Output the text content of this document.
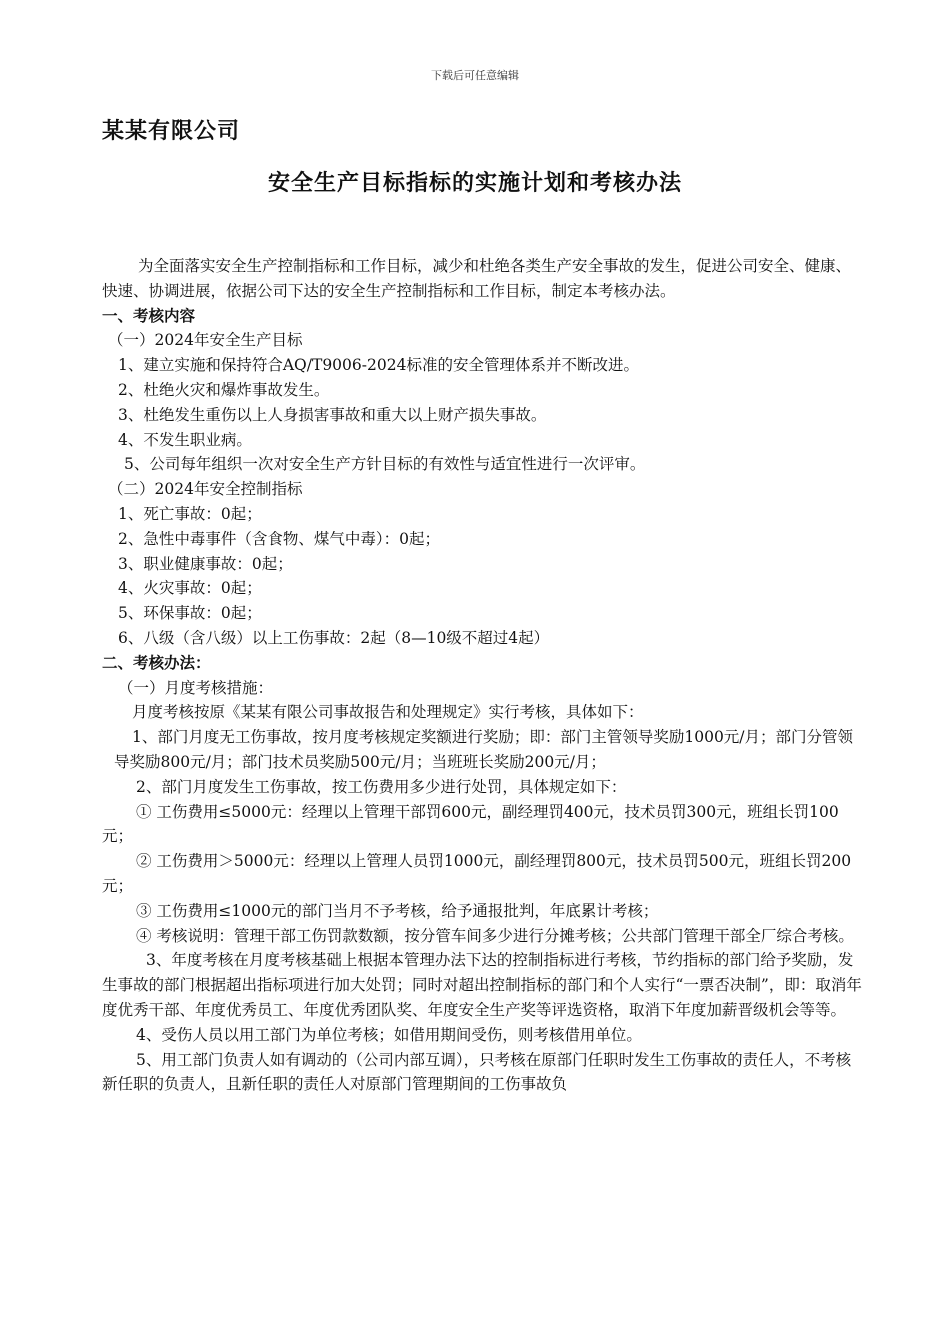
下载后可任意编辑
某某有限公司
安全生产目标指标的实施计划和考核办法

为全面落实安全生产控制指标和工作目标，减少和杜绝各类生产安全事故的发生，促进公司安全、健康、快速、协调进展，依据公司下达的安全生产控制指标和工作目标，制定本考核办法。

一、考核内容

（一）2024年安全生产目标

1、建立实施和保持符合AQ/T9006-2024标准的安全管理体系并不断改进。

2、杜绝火灾和爆炸事故发生。

3、杜绝发生重伤以上人身损害事故和重大以上财产损失事故。

4、不发生职业病。

5、公司每年组织一次对安全生产方针目标的有效性与适宜性进行一次评审。

（二）2024年安全控制指标

1、死亡事故：0起；

2、急性中毒事件（含食物、煤气中毒）：0起；

3、职业健康事故：0起；

4、火灾事故：0起；

5、环保事故：0起；

6、八级（含八级）以上工伤事故：2起（8—10级不超过4起）

二、考核办法：

（一）月度考核措施：

月度考核按原《某某有限公司事故报告和处理规定》实行考核，具体如下：

1、部门月度无工伤事故，按月度考核规定奖额进行奖励；即：部门主管领导奖励1000元/月；部门分管领导奖励800元/月；部门技术员奖励500元/月；当班班长奖励200元/月；

2、部门月度发生工伤事故，按工伤费用多少进行处罚，具体规定如下：

① 工伤费用≤5000元：经理以上管理干部罚600元，副经理罚400元，技术员罚300元，班组长罚100元；

② 工伤费用＞5000元：经理以上管理人员罚1000元，副经理罚800元，技术员罚500元，班组长罚200元；

③ 工伤费用≤1000元的部门当月不予考核，给予通报批判，年底累计考核；

④ 考核说明：管理干部工伤罚款数额，按分管车间多少进行分摊考核；公共部门管理干部全厂综合考核。

3、年度考核在月度考核基础上根据本管理办法下达的控制指标进行考核，节约指标的部门给予奖励，发生事故的部门根据超出指标项进行加大处罚；同时对超出控制指标的部门和个人实行“一票否决制”，即：取消年度优秀干部、年度优秀员工、年度优秀团队奖、年度安全生产奖等评选资格，取消下年度加薪晋级机会等等。

4、受伤人员以用工部门为单位考核；如借用期间受伤，则考核借用单位。

5、用工部门负责人如有调动的（公司内部互调），只考核在原部门任职时发生工伤事故的责任人，不考核新任职的负责人，且新任职的责任人对原部门管理期间的工伤事故负
